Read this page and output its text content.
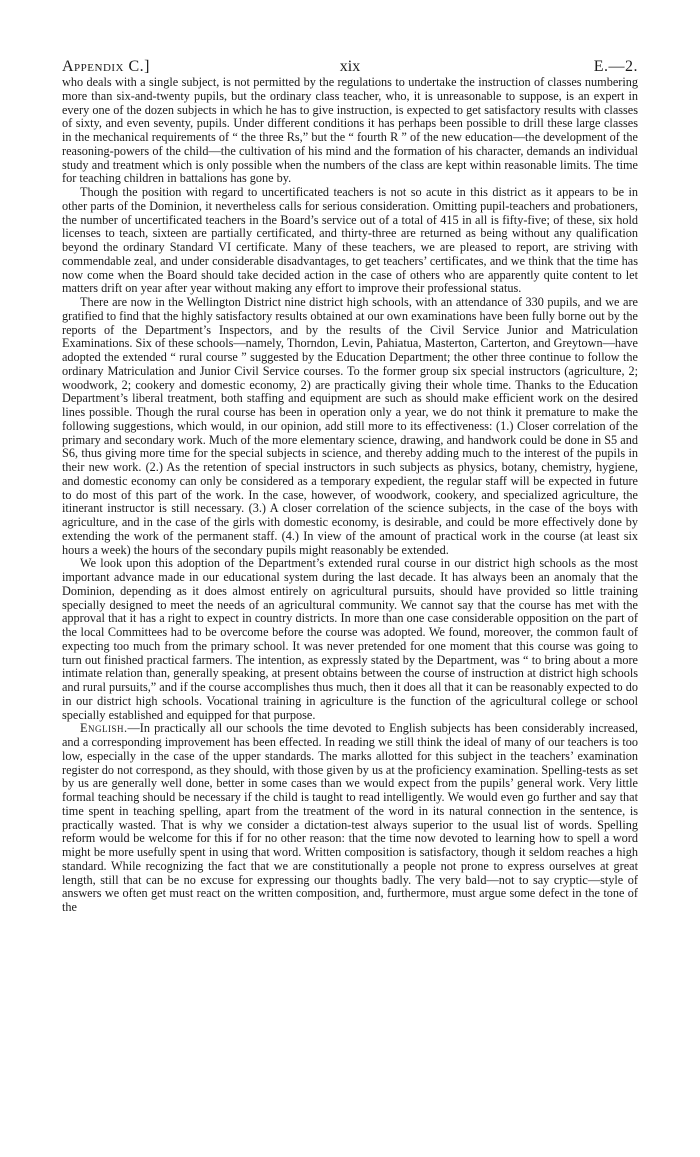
Appendix C.]	xix	E.—2.

who deals with a single subject, is not permitted by the regulations to undertake the instruction of classes numbering more than six-and-twenty pupils, but the ordinary class teacher, who, it is unreasonable to suppose, is an expert in every one of the dozen subjects in which he has to give instruction, is expected to get satisfactory results with classes of sixty, and even seventy, pupils. Under different conditions it has perhaps been possible to drill these large classes in the mechanical requirements of “ the three Rs,” but the “ fourth R ” of the new education—the development of the reasoning-powers of the child—the cultivation of his mind and the formation of his character, demands an individual study and treatment which is only possible when the numbers of the class are kept within reasonable limits. The time for teaching children in battalions has gone by.

Though the position with regard to uncertificated teachers is not so acute in this district as it appears to be in other parts of the Dominion, it nevertheless calls for serious consideration. Omitting pupil-teachers and probationers, the number of uncertificated teachers in the Board’s service out of a total of 415 in all is fifty-five; of these, six hold licenses to teach, sixteen are partially certificated, and thirty-three are returned as being without any qualification beyond the ordinary Standard VI certificate. Many of these teachers, we are pleased to report, are striving with commendable zeal, and under considerable disadvantages, to get teachers’ certificates, and we think that the time has now come when the Board should take decided action in the case of others who are apparently quite content to let matters drift on year after year without making any effort to improve their professional status.

There are now in the Wellington District nine district high schools, with an attendance of 330 pupils, and we are gratified to find that the highly satisfactory results obtained at our own examinations have been fully borne out by the reports of the Department’s Inspectors, and by the results of the Civil Service Junior and Matriculation Examinations. Six of these schools—namely, Thorndon, Levin, Pahiatua, Masterton, Carterton, and Greytown—have adopted the extended “ rural course ” suggested by the Education Department; the other three continue to follow the ordinary Matriculation and Junior Civil Service courses. To the former group six special instructors (agriculture, 2; woodwork, 2; cookery and domestic economy, 2) are practically giving their whole time. Thanks to the Education Department’s liberal treatment, both staffing and equipment are such as should make efficient work on the desired lines possible. Though the rural course has been in operation only a year, we do not think it premature to make the following suggestions, which would, in our opinion, add still more to its effectiveness: (1.) Closer correlation of the primary and secondary work. Much of the more elementary science, drawing, and handwork could be done in S5 and S6, thus giving more time for the special subjects in science, and thereby adding much to the interest of the pupils in their new work. (2.) As the retention of special instructors in such subjects as physics, botany, chemistry, hygiene, and domestic economy can only be considered as a temporary expedient, the regular staff will be expected in future to do most of this part of the work. In the case, however, of woodwork, cookery, and specialized agriculture, the itinerant instructor is still necessary. (3.) A closer correlation of the science subjects, in the case of the boys with agriculture, and in the case of the girls with domestic economy, is desirable, and could be more effectively done by extending the work of the permanent staff. (4.) In view of the amount of practical work in the course (at least six hours a week) the hours of the secondary pupils might reasonably be extended.

We look upon this adoption of the Department’s extended rural course in our district high schools as the most important advance made in our educational system during the last decade. It has always been an anomaly that the Dominion, depending as it does almost entirely on agricultural pursuits, should have provided so little training specially designed to meet the needs of an agricultural community. We cannot say that the course has met with the approval that it has a right to expect in country districts. In more than one case considerable opposition on the part of the local Committees had to be overcome before the course was adopted. We found, moreover, the common fault of expecting too much from the primary school. It was never pretended for one moment that this course was going to turn out finished practical farmers. The intention, as expressly stated by the Department, was “ to bring about a more intimate relation than, generally speaking, at present obtains between the course of instruction at district high schools and rural pursuits,” and if the course accomplishes thus much, then it does all that it can be reasonably expected to do in our district high schools. Vocational training in agriculture is the function of the agricultural college or school specially established and equipped for that purpose.

English.—In practically all our schools the time devoted to English subjects has been considerably increased, and a corresponding improvement has been effected. In reading we still think the ideal of many of our teachers is too low, especially in the case of the upper standards. The marks allotted for this subject in the teachers’ examination register do not correspond, as they should, with those given by us at the proficiency examination. Spelling-tests as set by us are generally well done, better in some cases than we would expect from the pupils’ general work. Very little formal teaching should be necessary if the child is taught to read intelligently. We would even go further and say that time spent in teaching spelling, apart from the treatment of the word in its natural connection in the sentence, is practically wasted. That is why we consider a dictation-test always superior to the usual list of words. Spelling reform would be welcome for this if for no other reason: that the time now devoted to learning how to spell a word might be more usefully spent in using that word. Written composition is satisfactory, though it seldom reaches a high standard. While recognizing the fact that we are constitutionally a people not prone to express ourselves at great length, still that can be no excuse for expressing our thoughts badly. The very bald—not to say cryptic—style of answers we often get must react on the written composition, and, furthermore, must argue some defect in the tone of the
